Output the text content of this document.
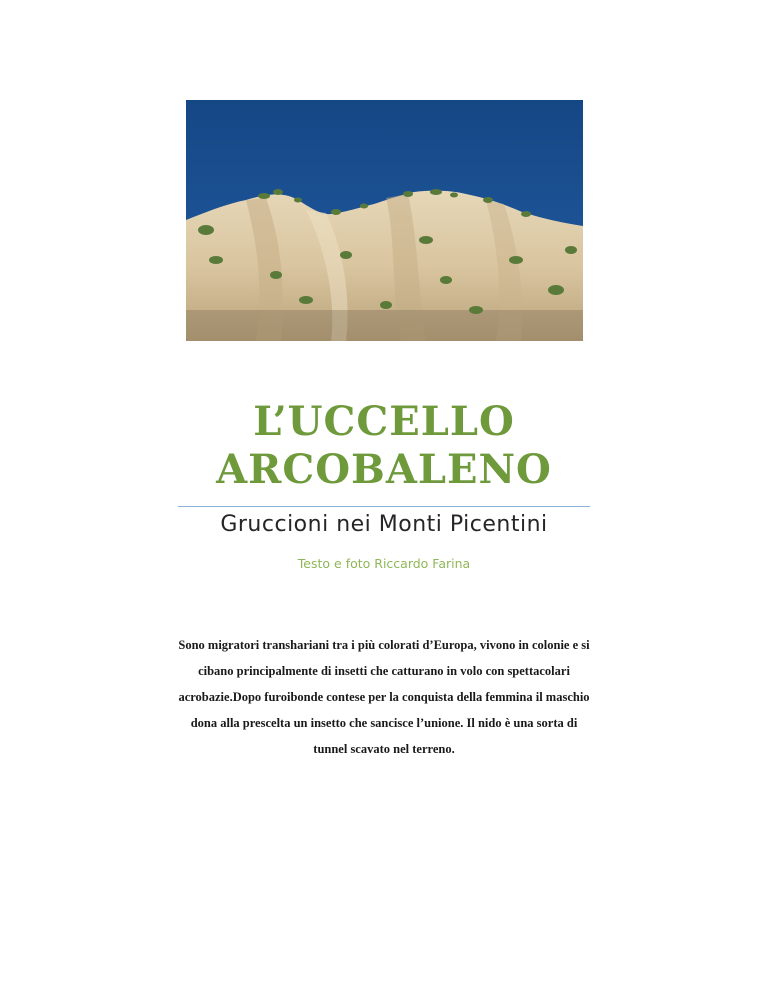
L’UCCELLO
ARCOBALENO

Gruccioni nei Monti Picentini

Testo e foto Riccardo Farina

Sono migratori transhariani tra i più colorati d’Europa, vivono in colonie e si cibano principalmente di insetti che catturano in volo con spettacolari acrobazie.Dopo furoibonde contese per la conquista della femmina il maschio dona alla prescelta un insetto che sancisce l’unione. Il nido è una sorta di tunnel scavato nel terreno.
